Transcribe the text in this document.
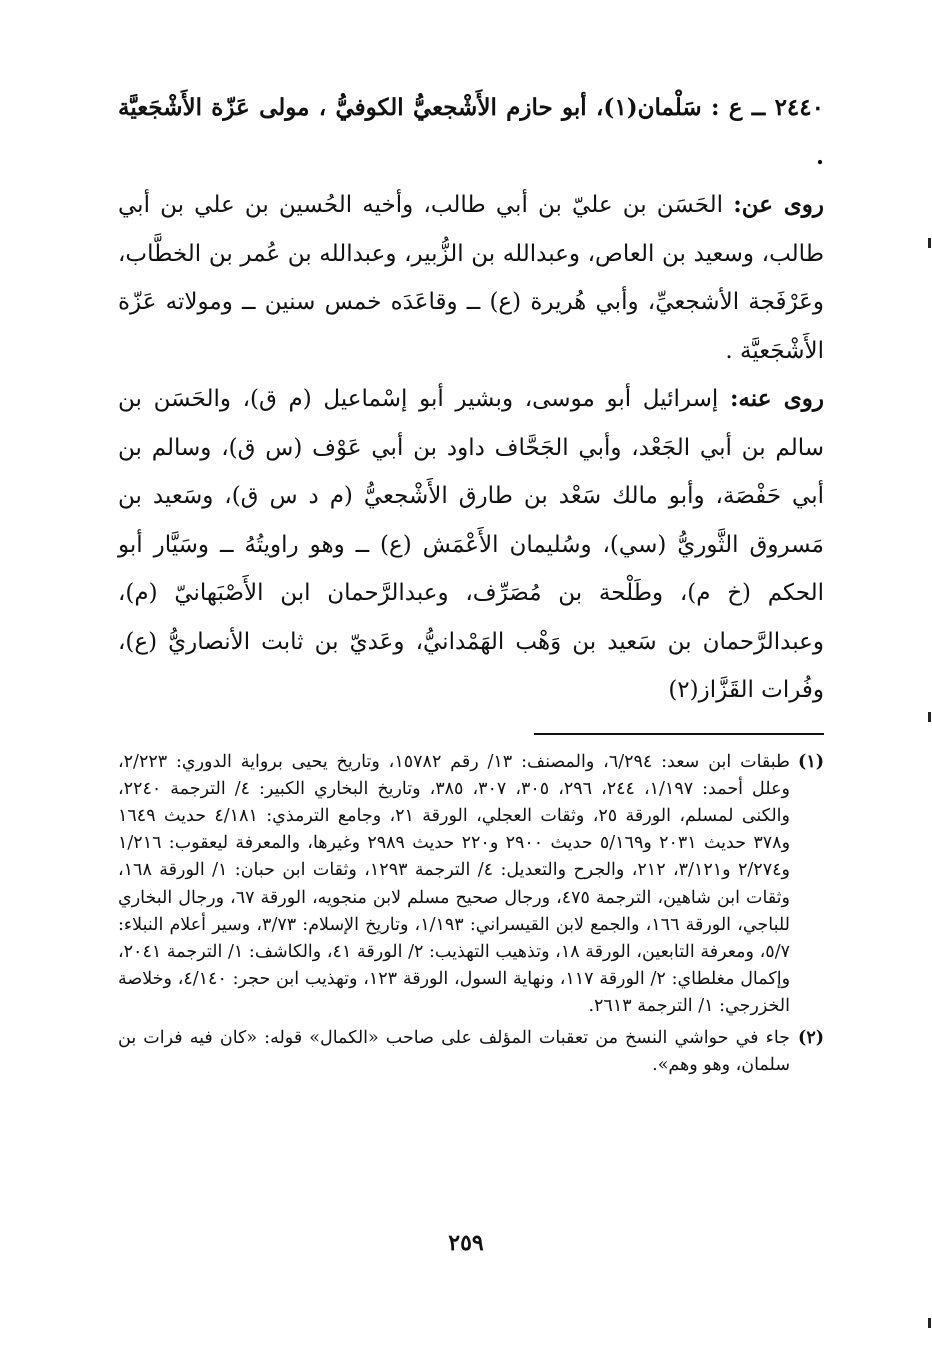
٢٤٤٠ ــ ع : سَلْمان(١)، أبو حازم الأَشْجعيُّ الكوفيُّ ، مولى عَزّة الأَشْجَعيَّة .

روى عن: الحَسَن بن عليّ بن أبي طالب، وأخيه الحُسين بن علي بن أبي طالب، وسعيد بن العاص، وعبدالله بن الزُّبير، وعبدالله بن عُمر بن الخطَّاب، وعَرْفَجة الأشجعيِّ، وأبي هُريرة (ع) ــ وقاعَدَه خمس سنين ــ ومولاته عَزّة الأَشْجَعيَّة .

روى عنه: إسرائيل أبو موسى، وبشير أبو إسْماعيل (م ق)، والحَسَن بن سالم بن أبي الجَعْد، وأبي الجَحَّاف داود بن أبي عَوْف (س ق)، وسالم بن أبي حَفْصَة، وأبو مالك سَعْد بن طارق الأَشْجعيُّ (م د س ق)، وسَعيد بن مَسروق الثَّوريُّ (سي)، وسُليمان الأَعْمَش (ع) ــ وهو راويتُهُ ــ وسَيَّار أبو الحكم (خ م)، وطَلْحة بن مُصَرِّف، وعبدالرَّحمان ابن الأَصْبَهانيّ (م)، وعبدالرَّحمان بن سَعيد بن وَهْب الهَمْدانيُّ، وعَديّ بن ثابت الأنصاريُّ (ع)، وفُرات القَزَّاز(٢)

(١)
طبقات ابن سعد: ٦/٢٩٤، والمصنف: ١٣/ رقم ١٥٧٨٢، وتاريخ يحيى برواية الدوري: ٢/٢٢٣، وعلل أحمد: ١/١٩٧، ٢٤٤، ٢٩٦، ٣٠٥، ٣٠٧، ٣٨٥، وتاريخ البخاري الكبير: ٤/ الترجمة ٢٢٤٠، والكنى لمسلم، الورقة ٢٥، وثقات العجلي، الورقة ٢١، وجامع الترمذي: ٤/١٨١ حديث ١٦٤٩ و٣٧٨ حديث ٢٠٣١ و٥/١٦٩ حديث ٢٩٠٠ و٢٢٠ حديث ٢٩٨٩ وغيرها، والمعرفة ليعقوب: ١/٢١٦ و٢/٢٧٤ و٣/١٢١، ٢١٢، والجرح والتعديل: ٤/ الترجمة ١٢٩٣، وثقات ابن حبان: ١/ الورقة ١٦٨، وثقات ابن شاهين، الترجمة ٤٧٥، ورجال صحيح مسلم لابن منجويه، الورقة ٦٧، ورجال البخاري للباجي، الورقة ١٦٦، والجمع لابن القيسراني: ١/١٩٣، وتاريخ الإسلام: ٣/٧٣، وسير أعلام النبلاء: ٥/٧، ومعرفة التابعين، الورقة ١٨، وتذهيب التهذيب: ٢/ الورقة ٤١، والكاشف: ١/ الترجمة ٢٠٤١، وإكمال مغلطاي: ٢/ الورقة ١١٧، ونهاية السول، الورقة ١٢٣، وتهذيب ابن حجر: ٤/١٤٠، وخلاصة الخزرجي: ١/ الترجمة ٢٦١٣.
(٢)
جاء في حواشي النسخ من تعقبات المؤلف على صاحب «الكمال» قوله: «كان فيه فرات بن سلمان، وهو وهم».
٢٥٩
